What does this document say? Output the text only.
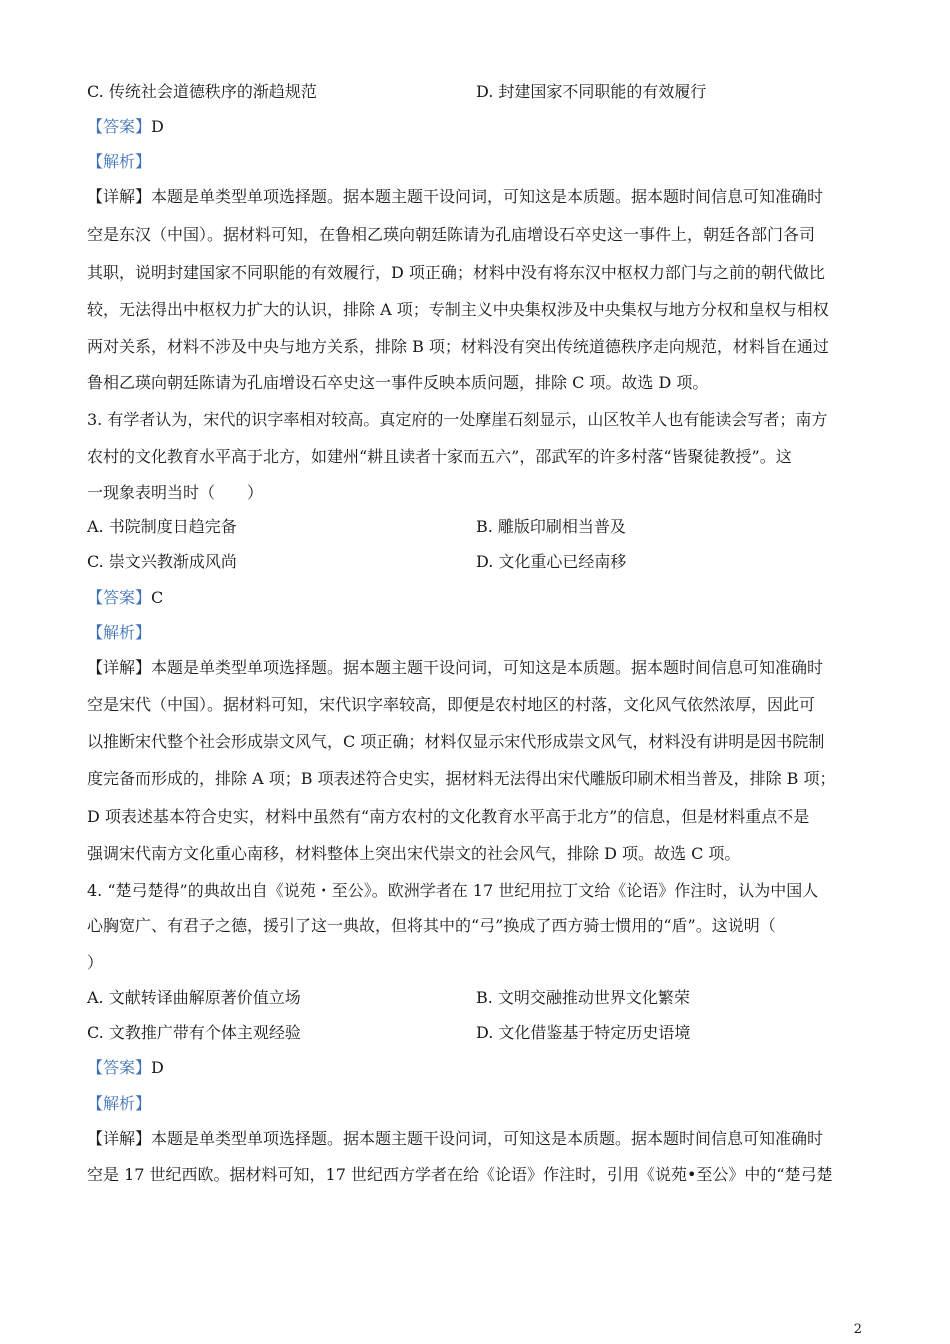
C. 传统社会道德秩序的渐趋规范	D. 封建国家不同职能的有效履行
【答案】D
【解析】
【详解】本题是单类型单项选择题。据本题主题干设问词，可知这是本质题。据本题时间信息可知准确时
空是东汉（中国）。据材料可知，在鲁相乙瑛向朝廷陈请为孔庙增设石卒史这一事件上，朝廷各部门各司
其职，说明封建国家不同职能的有效履行，D 项正确；材料中没有将东汉中枢权力部门与之前的朝代做比
较，无法得出中枢权力扩大的认识，排除 A 项；专制主义中央集权涉及中央集权与地方分权和皇权与相权
两对关系，材料不涉及中央与地方关系，排除 B 项；材料没有突出传统道德秩序走向规范，材料旨在通过
鲁相乙瑛向朝廷陈请为孔庙增设石卒史这一事件反映本质问题，排除 C 项。故选 D 项。
3. 有学者认为，宋代的识字率相对较高。真定府的一处摩崖石刻显示，山区牧羊人也有能读会写者；南方
农村的文化教育水平高于北方，如建州“耕且读者十家而五六”，邵武军的许多村落“皆聚徒教授”。这
一现象表明当时（　　）
A. 书院制度日趋完备	B. 雕版印刷相当普及
C. 崇文兴教渐成风尚	D. 文化重心已经南移
【答案】C
【解析】
【详解】本题是单类型单项选择题。据本题主题干设问词，可知这是本质题。据本题时间信息可知准确时
空是宋代（中国）。据材料可知，宋代识字率较高，即便是农村地区的村落，文化风气依然浓厚，因此可
以推断宋代整个社会形成崇文风气，C 项正确；材料仅显示宋代形成崇文风气，材料没有讲明是因书院制
度完备而形成的，排除 A 项；B 项表述符合史实，据材料无法得出宋代雕版印刷术相当普及，排除 B 项；
D 项表述基本符合史实，材料中虽然有“南方农村的文化教育水平高于北方”的信息，但是材料重点不是
强调宋代南方文化重心南移，材料整体上突出宋代崇文的社会风气，排除 D 项。故选 C 项。
4. “楚弓楚得”的典故出自《说苑・至公》。欧洲学者在 17 世纪用拉丁文给《论语》作注时，认为中国人
心胸宽广、有君子之德，援引了这一典故，但将其中的“弓”换成了西方骑士惯用的“盾”。这说明（
）
A. 文献转译曲解原著价值立场	B. 文明交融推动世界文化繁荣
C. 文教推广带有个体主观经验	D. 文化借鉴基于特定历史语境
【答案】D
【解析】
【详解】本题是单类型单项选择题。据本题主题干设问词，可知这是本质题。据本题时间信息可知准确时
空是 17 世纪西欧。据材料可知，17 世纪西方学者在给《论语》作注时，引用《说苑•至公》中的“楚弓楚
2
